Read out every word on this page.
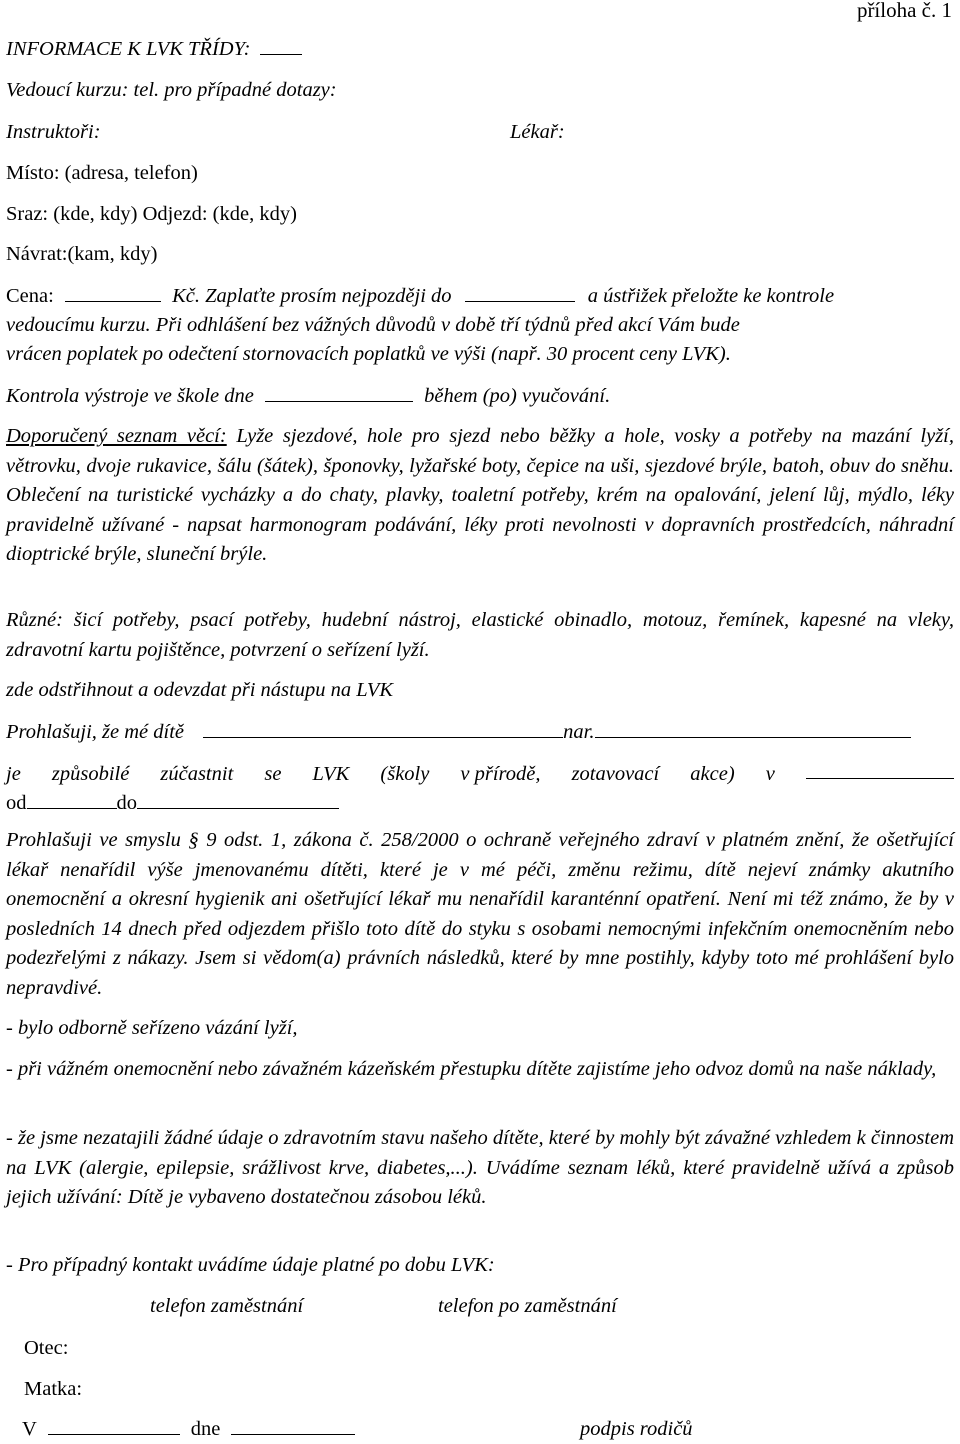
příloha č. 1
INFORMACE K LVK TŘÍDY:
Vedoucí kurzu: tel. pro případné dotazy:
Instruktoři:	Lékař:
Místo: (adresa, telefon)
Sraz: (kde, kdy) Odjezd: (kde, kdy)
Návrat:(kam, kdy)
Cena:	Kč. Zaplaťte prosím nejpozději do	a ústřižek přeložte ke kontrole
vedoucímu kurzu. Při odhlášení bez vážných důvodů v době tří týdnů před akcí Vám bude
vrácen poplatek po odečtení stornovacích poplatků ve výši (např. 30 procent ceny LVK).
Kontrola výstroje ve škole dne	během (po) vyučování.
Doporučený seznam věcí: Lyže sjezdové, hole pro sjezd nebo běžky a hole, vosky a potřeby na mazání lyží, větrovku, dvoje rukavice, šálu (šátek), šponovky, lyžařské boty, čepice na uši, sjezdové brýle, batoh, obuv do sněhu. Oblečení na turistické vycházky a do chaty, plavky, toaletní potřeby, krém na opalování, jelení lůj, mýdlo, léky pravidelně užívané - napsat harmonogram podávání, léky proti nevolnosti v dopravních prostředcích, náhradní dioptrické brýle, sluneční brýle.
Různé: šicí potřeby, psací potřeby, hudební nástroj, elastické obinadlo, motouz, řemínek, kapesné na vleky, zdravotní kartu pojištěnce, potvrzení o seřízení lyží.
zde odstřihnout a odevzdat při nástupu na LVK
Prohlašuji, že mé dítě	nar.
je způsobilé zúčastnit se LVK (školy v přírodě, zotavovací akce) v
od	do
Prohlašuji ve smyslu § 9 odst. 1, zákona č. 258/2000 o ochraně veřejného zdraví v platném znění, že ošetřující lékař nenařídil výše jmenovanému dítěti, které je v mé péči, změnu režimu, dítě nejeví známky akutního onemocnění a okresní hygienik ani ošetřující lékař mu nenařídil karanténní opatření. Není mi též známo, že by v posledních 14 dnech před odjezdem přišlo toto dítě do styku s osobami nemocnými infekčním onemocněním nebo podezřelými z nákazy. Jsem si vědom(a) právních následků, které by mne postihly, kdyby toto mé prohlášení bylo nepravdivé.
- bylo odborně seřízeno vázání lyží,
- při vážném onemocnění nebo závažném kázeňském přestupku dítěte zajistíme jeho odvoz domů na naše náklady,
- že jsme nezatajili žádné údaje o zdravotním stavu našeho dítěte, které by mohly být závažné vzhledem k činnostem na LVK (alergie, epilepsie, srážlivost krve, diabetes,...). Uvádíme seznam léků, které pravidelně užívá a způsob jejich užívání: Dítě je vybaveno dostatečnou zásobou léků.
- Pro případný kontakt uvádíme údaje platné po dobu LVK:
telefon zaměstnání	telefon po zaměstnání
Otec:
Matka:
V	dne	podpis rodičů
